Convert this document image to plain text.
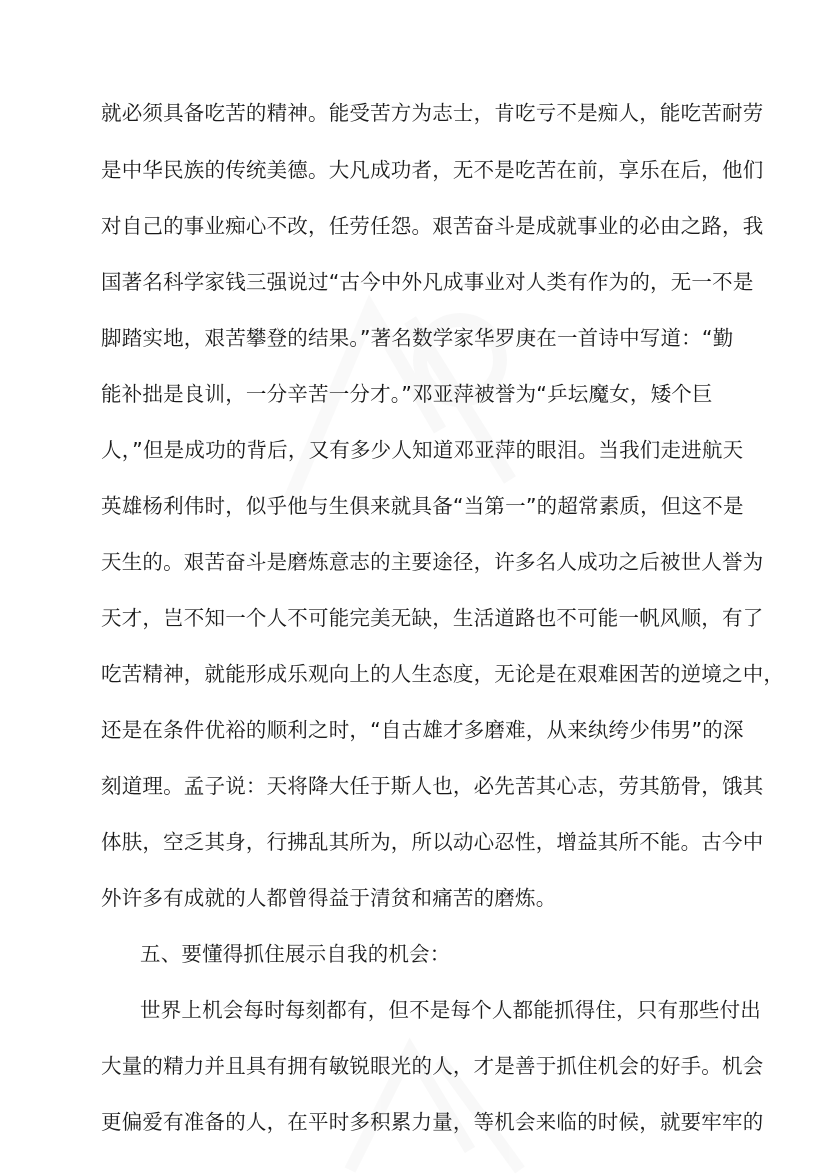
就必须具备吃苦的精神。能受苦方为志士，肯吃亏不是痴人，能吃苦耐劳
是中华民族的传统美德。大凡成功者，无不是吃苦在前，享乐在后，他们
对自己的事业痴心不改，任劳任怨。艰苦奋斗是成就事业的必由之路，我
国著名科学家钱三强说过“古今中外凡成事业对人类有作为的，无一不是
脚踏实地，艰苦攀登的结果。”著名数学家华罗庚在一首诗中写道：“勤
能补拙是良训，一分辛苦一分才。”邓亚萍被誉为“乒坛魔女，矮个巨
人，”但是成功的背后，又有多少人知道邓亚萍的眼泪。当我们走进航天
英雄杨利伟时，似乎他与生俱来就具备“当第一”的超常素质，但这不是
天生的。艰苦奋斗是磨炼意志的主要途径，许多名人成功之后被世人誉为
天才，岂不知一个人不可能完美无缺，生活道路也不可能一帆风顺，有了
吃苦精神，就能形成乐观向上的人生态度，无论是在艰难困苦的逆境之中，
还是在条件优裕的顺利之时，“自古雄才多磨难，从来纨绔少伟男”的深
刻道理。孟子说：天将降大任于斯人也，必先苦其心志，劳其筋骨，饿其
体肤，空乏其身，行拂乱其所为，所以动心忍性，增益其所不能。古今中
外许多有成就的人都曾得益于清贫和痛苦的磨炼。
五、要懂得抓住展示自我的机会：
世界上机会每时每刻都有，但不是每个人都能抓得住，只有那些付出
大量的精力并且具有拥有敏锐眼光的人，才是善于抓住机会的好手。机会
更偏爱有准备的人，在平时多积累力量，等机会来临的时候，就要牢牢的
